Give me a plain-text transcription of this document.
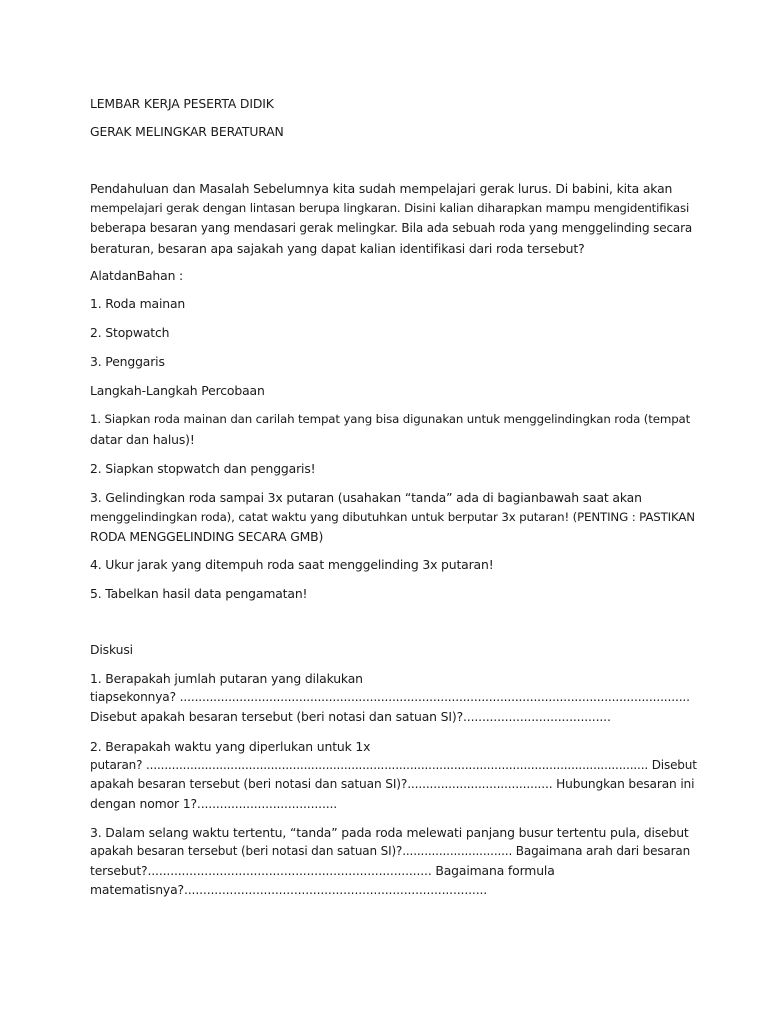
LEMBAR KERJA PESERTA DIDIK
GERAK MELINGKAR BERATURAN
Pendahuluan dan Masalah Sebelumnya kita sudah mempelajari gerak lurus. Di babini, kita akan
mempelajari gerak dengan lintasan berupa lingkaran. Disini kalian diharapkan mampu mengidentifikasi
beberapa besaran yang mendasari gerak melingkar. Bila ada sebuah roda yang menggelinding secara
beraturan, besaran apa sajakah yang dapat kalian identifikasi dari roda tersebut?
AlatdanBahan :
1. Roda mainan
2. Stopwatch
3. Penggaris
Langkah-Langkah Percobaan
1. Siapkan roda mainan dan carilah tempat yang bisa digunakan untuk menggelindingkan roda (tempat
datar dan halus)!
2. Siapkan stopwatch dan penggaris!
3. Gelindingkan roda sampai 3x putaran (usahakan “tanda” ada di bagianbawah saat akan
menggelindingkan roda), catat waktu yang dibutuhkan untuk berputar 3x putaran! (PENTING : PASTIKAN
RODA MENGGELINDING SECARA GMB)
4. Ukur jarak yang ditempuh roda saat menggelinding 3x putaran!
5. Tabelkan hasil data pengamatan!
Diskusi
1. Berapakah jumlah putaran yang dilakukan
tiapsekonnya? .........................................................................................................................................
Disebut apakah besaran tersebut (beri notasi dan satuan SI)?.......................................
2. Berapakah waktu yang diperlukan untuk 1x
putaran? ......................................................................................................................................... Disebut
apakah besaran tersebut (beri notasi dan satuan SI)?....................................... Hubungkan besaran ini
dengan nomor 1?.....................................
3. Dalam selang waktu tertentu, “tanda” pada roda melewati panjang busur tertentu pula, disebut
apakah besaran tersebut (beri notasi dan satuan SI)?.............................. Bagaimana arah dari besaran
tersebut?........................................................................... Bagaimana formula
matematisnya?................................................................................
